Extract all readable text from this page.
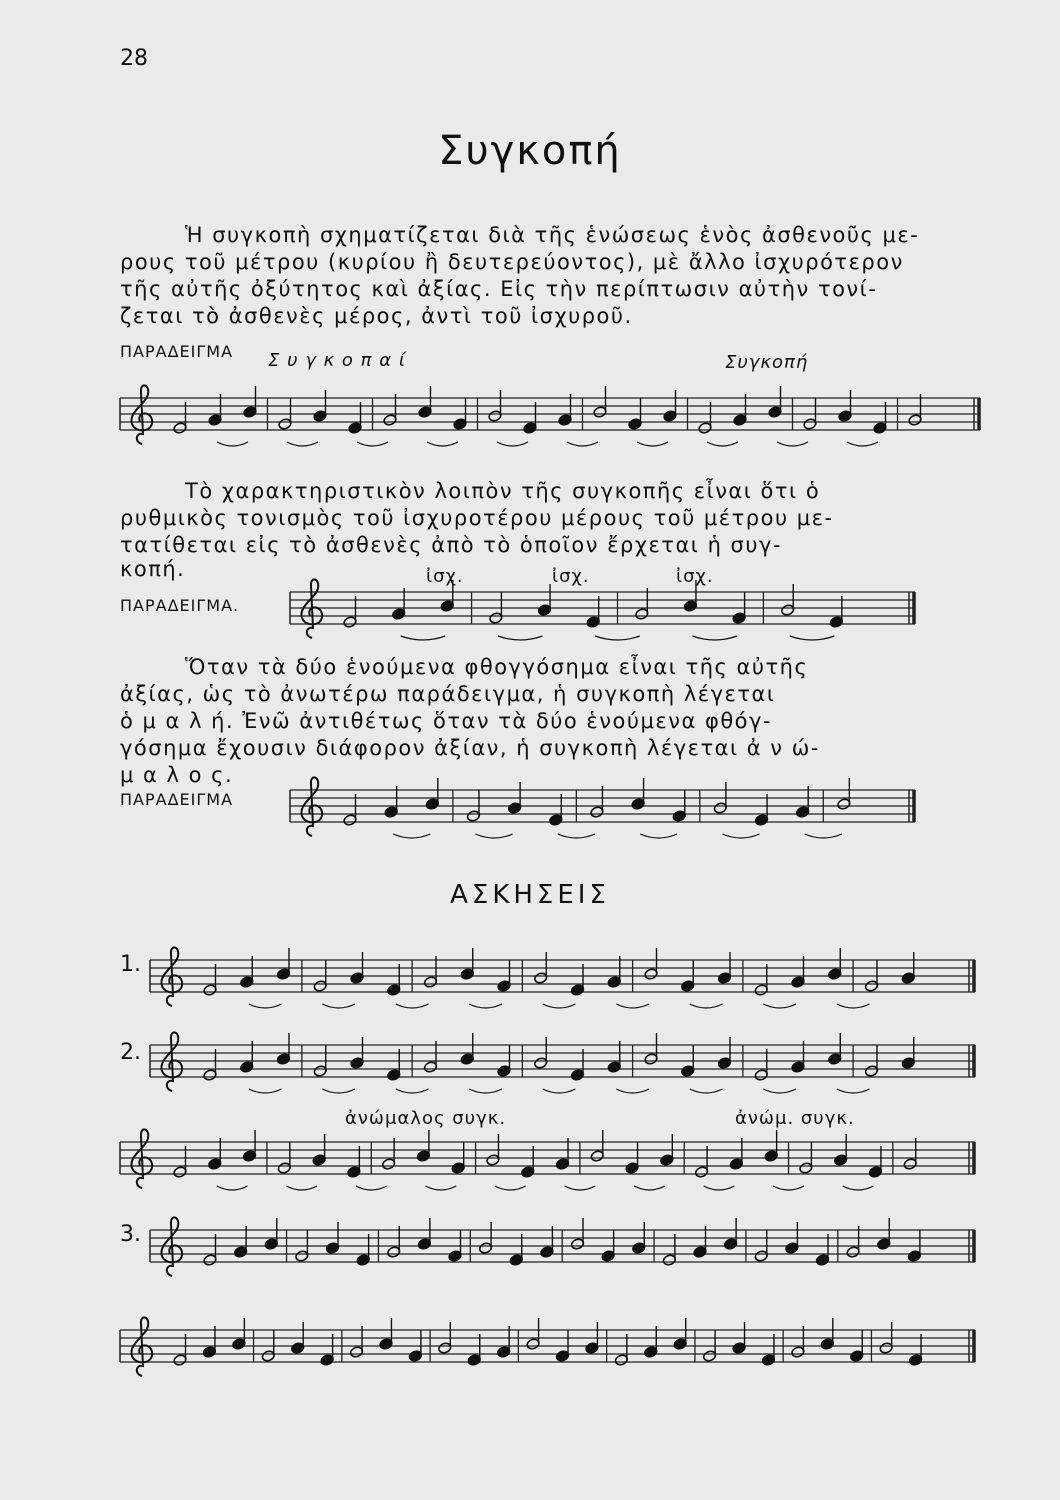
28
Συγκοπή
Ἡ συγκοπὴ σχηματίζεται διὰ τῆς ἑνώσεως ἑνὸς ἀσθενοῦς με-
ρους τοῦ μέτρου (κυρίου ἢ δευτερεύοντος), μὲ ἄλλο ἰσχυρότερον
τῆς αὐτῆς ὀξύτητος καὶ ἀξίας. Εἰς τὴν περίπτωσιν αὐτὴν τονί-
ζεται τὸ ἀσθενὲς μέρος, ἀντὶ τοῦ ἰσχυροῦ.
ΠΑΡΑΔΕΙΓΜΑ Σ υ γ κ ο π α ί	Συγκοπή
Τὸ χαρακτηριστικὸν λοιπὸν τῆς συγκοπῆς εἶναι ὅτι ὁ
ρυθμικὸς τονισμὸς τοῦ ἰσχυροτέρου μέρους τοῦ μέτρου με-
τατίθεται εἰς τὸ ἀσθενὲς ἀπὸ τὸ ὁποῖον ἔρχεται ἡ συγ-
κοπή.	ἰσχ.	ἰσχ.	ἰσχ.
ΠΑΡΑΔΕΙΓΜΑ.
Ὅταν τὰ δύο ἑνούμενα φθογγόσημα εἶναι τῆς αὐτῆς
ἀξίας, ὡς τὸ ἀνωτέρω παράδειγμα, ἡ συγκοπὴ λέγεται
ὁ μ α λ ή. Ἐνῶ ἀντιθέτως ὅταν τὰ δύο ἑνούμενα φθόγ-
γόσημα ἔχουσιν διάφορον ἀξίαν, ἡ συγκοπὴ λέγεται ἀ ν ώ-
μ α λ ο ς.
ΠΑΡΑΔΕΙΓΜΑ
ΑΣΚΗΣΕΙΣ
1.
2.
ἀνώμαλος συγκ.	ἀνώμ. συγκ.
3.
